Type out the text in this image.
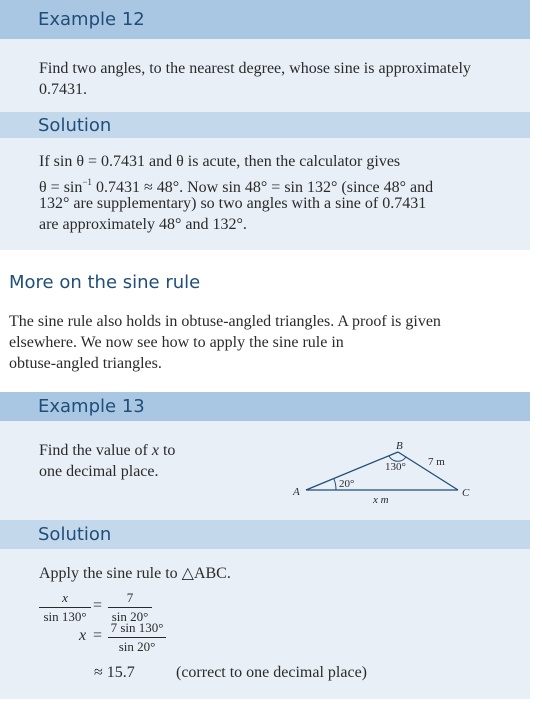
Example 12
Find two angles, to the nearest degree, whose sine is approximately
0.7431.
Solution
If sin θ = 0.7431 and θ is acute, then the calculator gives
$\theta = \sin^{-1} 0.7431 \approx 48^\circ$. Now sin 48° = sin 132° (since 48° and
132° are supplementary) so two angles with a sine of 0.7431
are approximately 48° and 132°.
More on the sine rule
The sine rule also holds in obtuse-angled triangles. A proof is given
elsewhere. We now see how to apply the sine rule in
obtuse-angled triangles.
Example 13
Find the value of x to
one decimal place.
B
A	C
130°
20°
7 m
x m
Solution
Apply the sine rule to △ABC.
$\frac{x}{\sin 130^\circ} = \frac{7}{\sin 20^\circ}$
$x = \frac{7 \sin 130^\circ}{\sin 20^\circ}$
≈ 15.7	(correct to one decimal place)
